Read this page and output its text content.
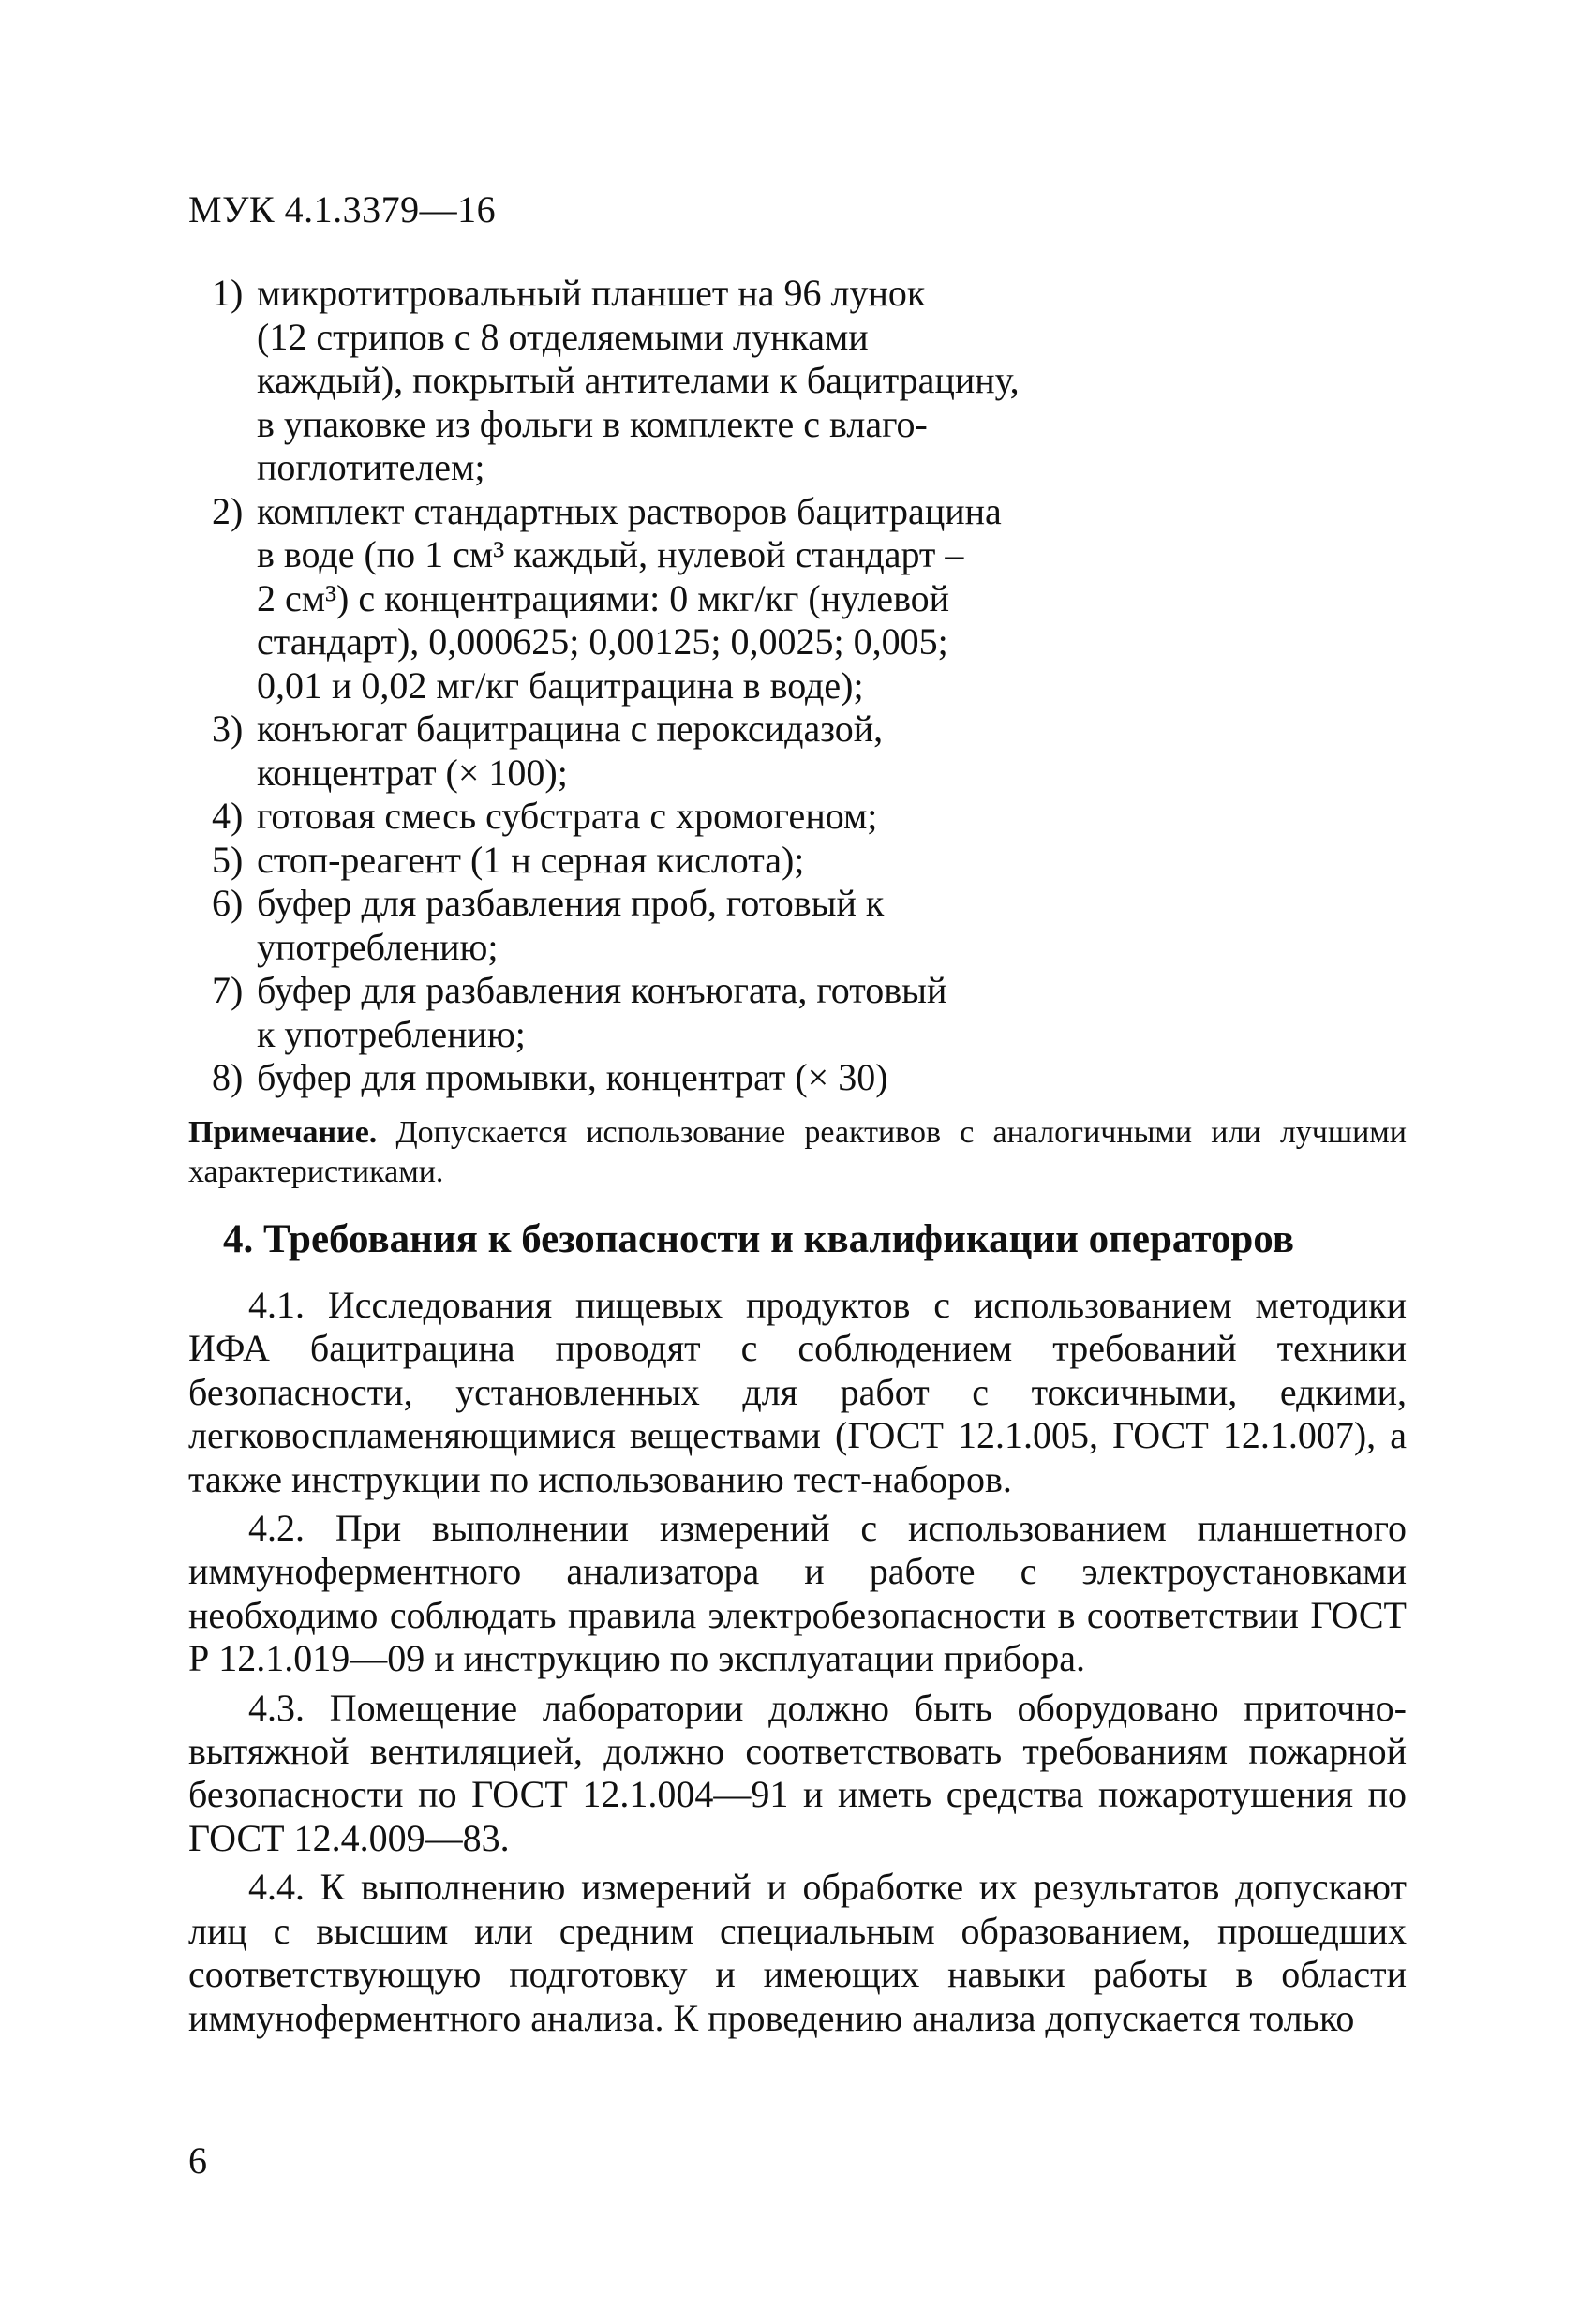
МУК 4.1.3379—16
1) микротитровальный планшет на 96 лунок
(12 стрипов с 8 отделяемыми лунками
каждый), покрытый антителами к бацитрацину,
в упаковке из фольги в комплекте с влаго-
поглотителем;
2) комплект стандартных растворов бацитрацина
в воде (по 1 см³ каждый, нулевой стандарт –
2 см³) с концентрациями: 0 мкг/кг (нулевой
стандарт), 0,000625; 0,00125; 0,0025; 0,005;
0,01 и 0,02 мг/кг бацитрацина в воде);
3) конъюгат бацитрацина с пероксидазой,
концентрат (× 100);
4) готовая смесь субстрата с хромогеном;
5) стоп-реагент (1 н серная кислота);
6) буфер для разбавления проб, готовый к
употреблению;
7) буфер для разбавления конъюгата, готовый
к употреблению;
8) буфер для промывки, концентрат (× 30)
Примечание. Допускается использование реактивов с аналогичными или лучшими характеристиками.
4. Требования к безопасности и квалификации операторов

4.1. Исследования пищевых продуктов с использованием методики ИФА бацитрацина проводят с соблюдением требований техники безопасности, установленных для работ с токсичными, едкими, легковоспламеняющимися веществами (ГОСТ 12.1.005, ГОСТ 12.1.007), а также инструкции по использованию тест-наборов.

4.2. При выполнении измерений с использованием планшетного иммуноферментного анализатора и работе с электроустановками необходимо соблюдать правила электробезопасности в соответствии ГОСТ Р 12.1.019—09 и инструкцию по эксплуатации прибора.

4.3. Помещение лаборатории должно быть оборудовано приточно-вытяжной вентиляцией, должно соответствовать требованиям пожарной безопасности по ГОСТ 12.1.004—91 и иметь средства пожаротушения по ГОСТ 12.4.009—83.

4.4. К выполнению измерений и обработке их результатов допускают лиц с высшим или средним специальным образованием, прошедших соответствующую подготовку и имеющих навыки работы в области иммуноферментного анализа. К проведению анализа допускается только

6
